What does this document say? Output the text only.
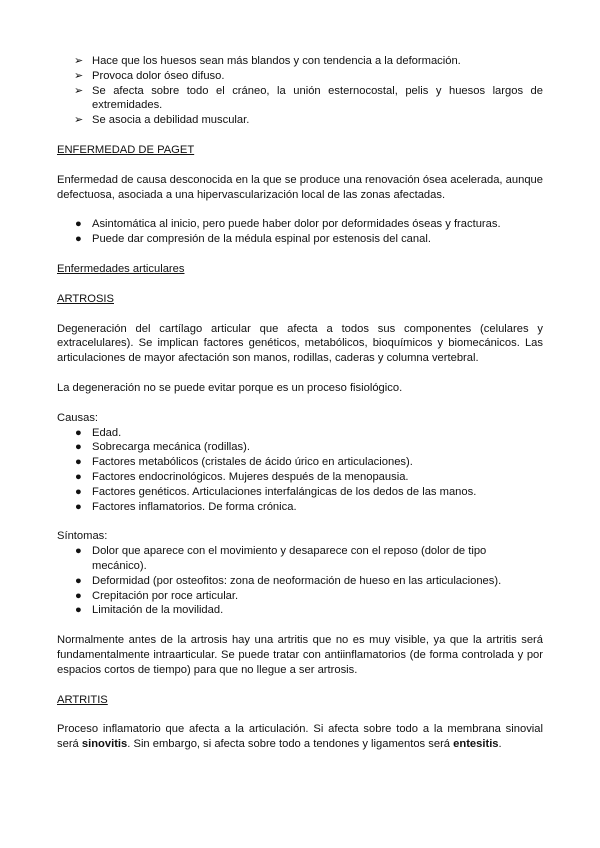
➢ Hace que los huesos sean más blandos y con tendencia a la deformación.
➢ Provoca dolor óseo difuso.
➢ Se afecta sobre todo el cráneo, la unión esternocostal, pelis y huesos largos de extremidades.
➢ Se asocia a debilidad muscular.

ENFERMEDAD DE PAGET

Enfermedad de causa desconocida en la que se produce una renovación ósea acelerada, aunque defectuosa, asociada a una hipervascularización local de las zonas afectadas.

● Asintomática al inicio, pero puede haber dolor por deformidades óseas y fracturas.
● Puede dar compresión de la médula espinal por estenosis del canal.

Enfermedades articulares

ARTROSIS

Degeneración del cartílago articular que afecta a todos sus componentes (celulares y extracelulares). Se implican factores genéticos, metabólicos, bioquímicos y biomecánicos. Las articulaciones de mayor afectación son manos, rodillas, caderas y columna vertebral.

La degeneración no se puede evitar porque es un proceso fisiológico.

Causas:

● Edad.
● Sobrecarga mecánica (rodillas).
● Factores metabólicos (cristales de ácido úrico en articulaciones).
● Factores endocrinológicos. Mujeres después de la menopausia.
● Factores genéticos. Articulaciones interfalángicas de los dedos de las manos.
● Factores inflamatorios. De forma crónica.

Síntomas:

● Dolor que aparece con el movimiento y desaparece con el reposo (dolor de tipo mecánico).
● Deformidad (por osteofitos: zona de neoformación de hueso en las articulaciones).
● Crepitación por roce articular.
● Limitación de la movilidad.

Normalmente antes de la artrosis hay una artritis que no es muy visible, ya que la artritis será fundamentalmente intraarticular. Se puede tratar con antiinflamatorios (de forma controlada y por espacios cortos de tiempo) para que no llegue a ser artrosis.

ARTRITIS

Proceso inflamatorio que afecta a la articulación. Si afecta sobre todo a la membrana sinovial será sinovitis. Sin embargo, si afecta sobre todo a tendones y ligamentos será entesitis.
